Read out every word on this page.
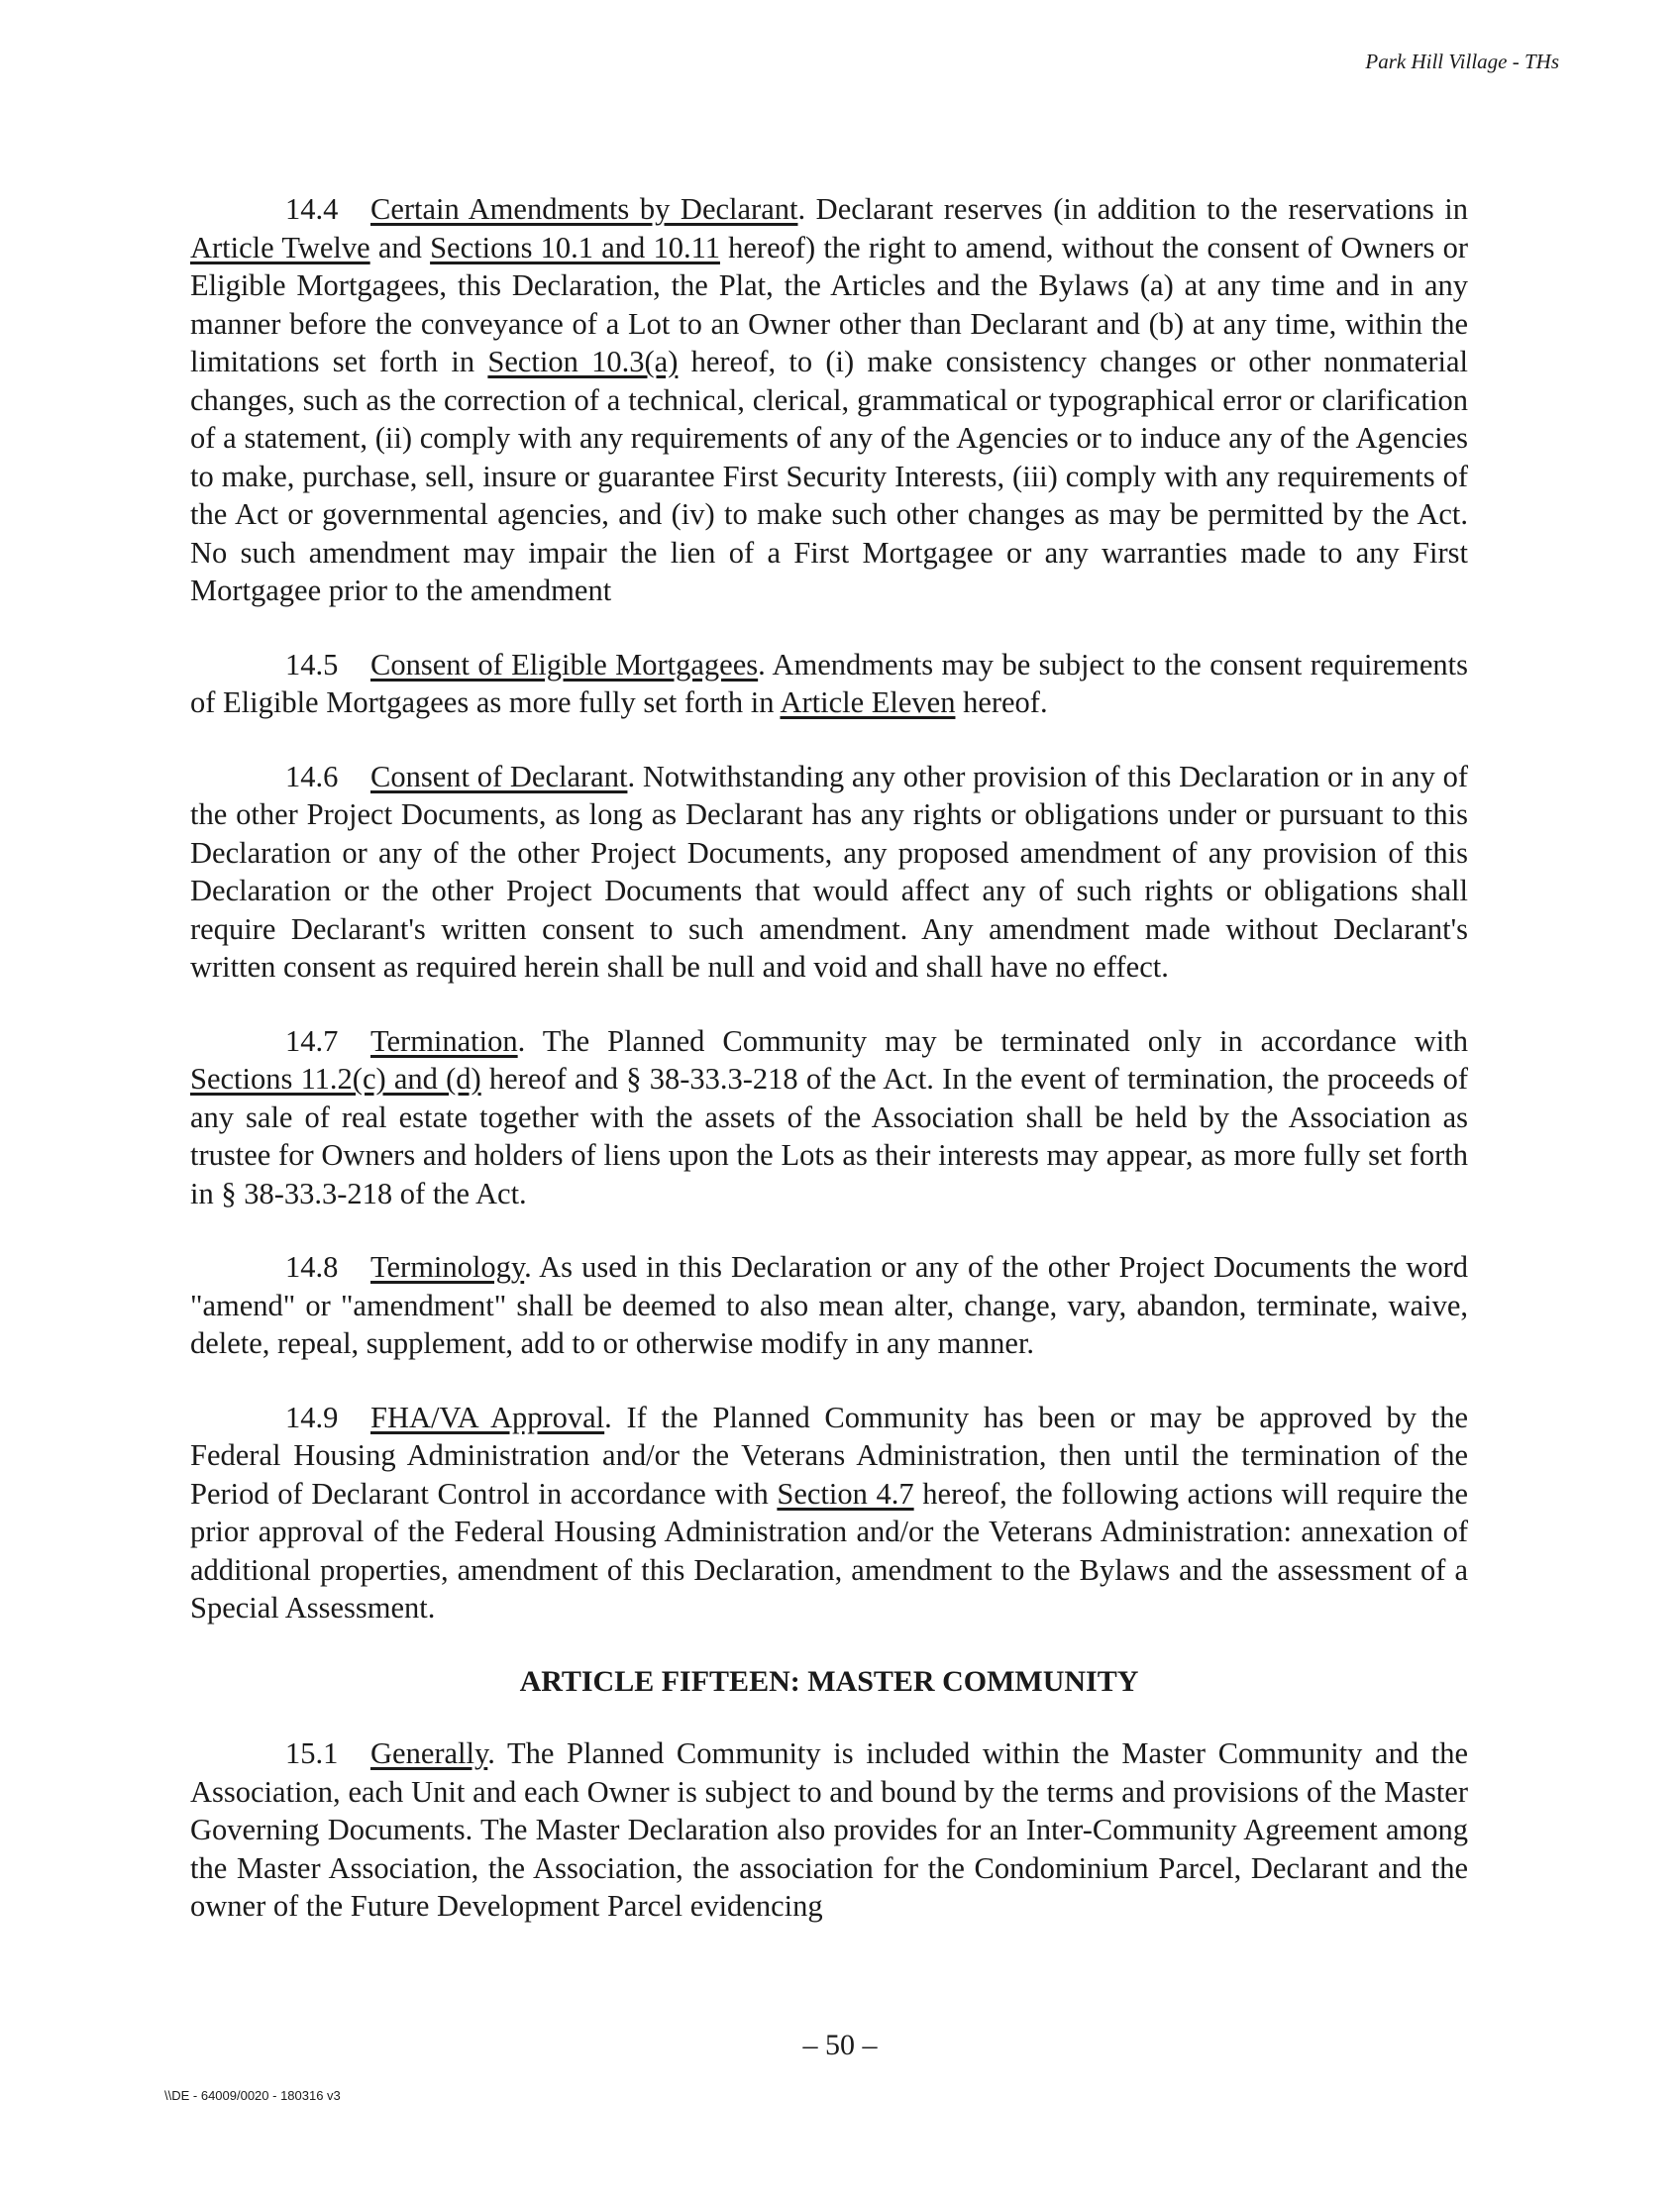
Park Hill Village - THs

14.4 Certain Amendments by Declarant. Declarant reserves (in addition to the reservations in Article Twelve and Sections 10.1 and 10.11 hereof) the right to amend, without the consent of Owners or Eligible Mortgagees, this Declaration, the Plat, the Articles and the Bylaws (a) at any time and in any manner before the conveyance of a Lot to an Owner other than Declarant and (b) at any time, within the limitations set forth in Section 10.3(a) hereof, to (i) make consistency changes or other nonmaterial changes, such as the correction of a technical, clerical, grammatical or typographical error or clarification of a statement, (ii) comply with any requirements of any of the Agencies or to induce any of the Agencies to make, purchase, sell, insure or guarantee First Security Interests, (iii) comply with any requirements of the Act or governmental agencies, and (iv) to make such other changes as may be permitted by the Act. No such amendment may impair the lien of a First Mortgagee or any warranties made to any First Mortgagee prior to the amendment

14.5 Consent of Eligible Mortgagees. Amendments may be subject to the consent requirements of Eligible Mortgagees as more fully set forth in Article Eleven hereof.

14.6 Consent of Declarant. Notwithstanding any other provision of this Declaration or in any of the other Project Documents, as long as Declarant has any rights or obligations under or pursuant to this Declaration or any of the other Project Documents, any proposed amendment of any provision of this Declaration or the other Project Documents that would affect any of such rights or obligations shall require Declarant's written consent to such amendment. Any amendment made without Declarant's written consent as required herein shall be null and void and shall have no effect.

14.7 Termination. The Planned Community may be terminated only in accordance with Sections 11.2(c) and (d) hereof and § 38-33.3-218 of the Act. In the event of termination, the proceeds of any sale of real estate together with the assets of the Association shall be held by the Association as trustee for Owners and holders of liens upon the Lots as their interests may appear, as more fully set forth in § 38-33.3-218 of the Act.

14.8 Terminology. As used in this Declaration or any of the other Project Documents the word "amend" or "amendment" shall be deemed to also mean alter, change, vary, abandon, terminate, waive, delete, repeal, supplement, add to or otherwise modify in any manner.

14.9 FHA/VA Approval. If the Planned Community has been or may be approved by the Federal Housing Administration and/or the Veterans Administration, then until the termination of the Period of Declarant Control in accordance with Section 4.7 hereof, the following actions will require the prior approval of the Federal Housing Administration and/or the Veterans Administration: annexation of additional properties, amendment of this Declaration, amendment to the Bylaws and the assessment of a Special Assessment.

ARTICLE FIFTEEN: MASTER COMMUNITY

15.1 Generally. The Planned Community is included within the Master Community and the Association, each Unit and each Owner is subject to and bound by the terms and provisions of the Master Governing Documents. The Master Declaration also provides for an Inter-Community Agreement among the Master Association, the Association, the association for the Condominium Parcel, Declarant and the owner of the Future Development Parcel evidencing

– 50 –
\\DE - 64009/0020 - 180316 v3
